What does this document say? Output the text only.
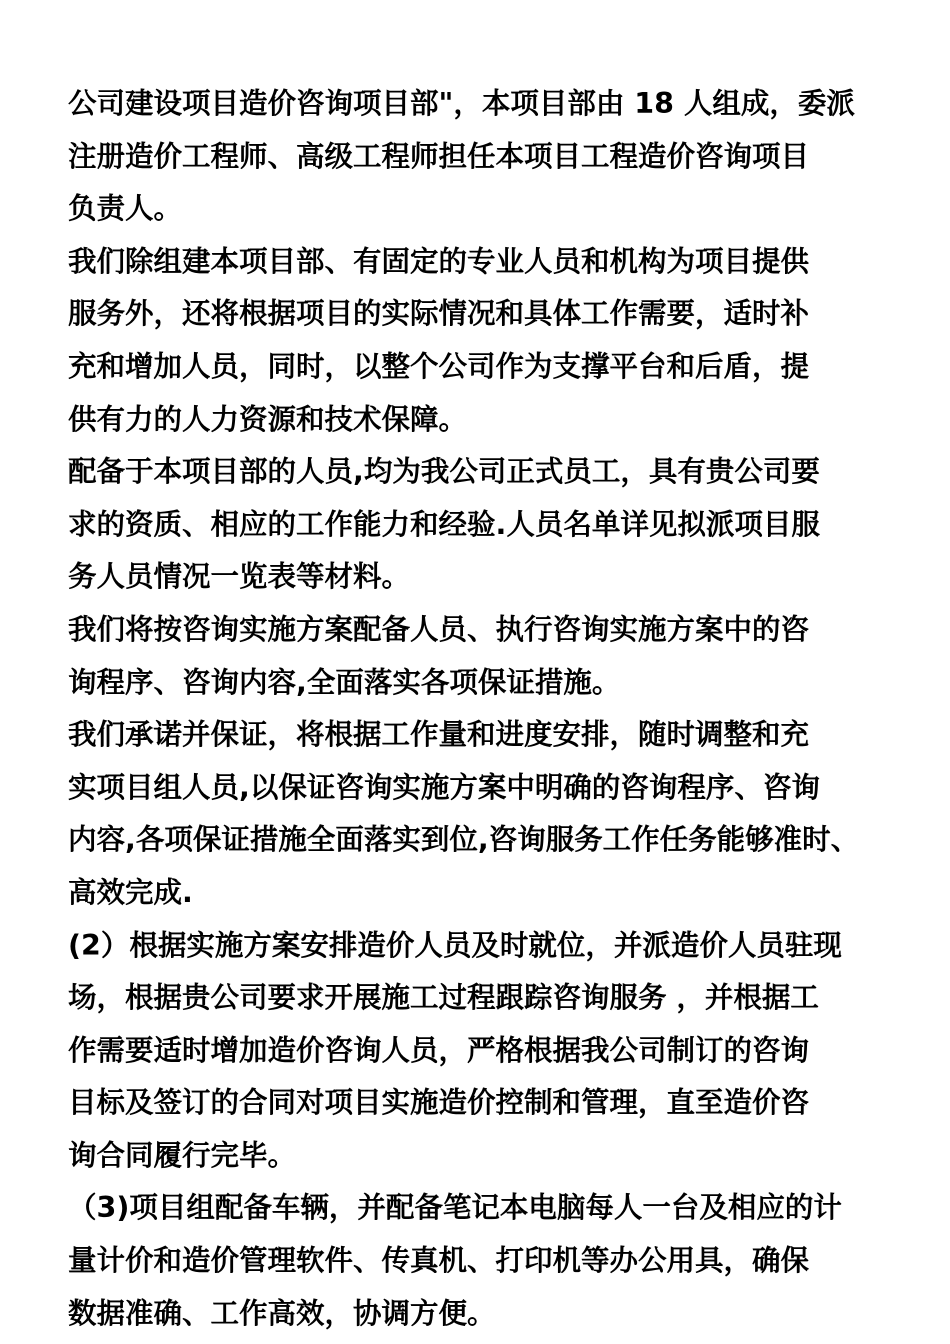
公司建设项目造价咨询项目部"，本项目部由 18 人组成，委派
注册造价工程师、高级工程师担任本项目工程造价咨询项目
负责人。
我们除组建本项目部、有固定的专业人员和机构为项目提供
服务外，还将根据项目的实际情况和具体工作需要，适时补
充和增加人员，同时，以整个公司作为支撑平台和后盾，提
供有力的人力资源和技术保障。
配备于本项目部的人员,均为我公司正式员工，具有贵公司要
求的资质、相应的工作能力和经验.人员名单详见拟派项目服
务人员情况一览表等材料。
我们将按咨询实施方案配备人员、执行咨询实施方案中的咨
询程序、咨询内容,全面落实各项保证措施。
我们承诺并保证，将根据工作量和进度安排，随时调整和充
实项目组人员,以保证咨询实施方案中明确的咨询程序、咨询
内容,各项保证措施全面落实到位,咨询服务工作任务能够准时、
高效完成.
(2）根据实施方案安排造价人员及时就位，并派造价人员驻现
场，根据贵公司要求开展施工过程跟踪咨询服务 ，并根据工
作需要适时增加造价咨询人员，严格根据我公司制订的咨询
目标及签订的合同对项目实施造价控制和管理，直至造价咨
询合同履行完毕。
（3)项目组配备车辆，并配备笔记本电脑每人一台及相应的计
量计价和造价管理软件、传真机、打印机等办公用具，确保
数据准确、工作高效，协调方便。
